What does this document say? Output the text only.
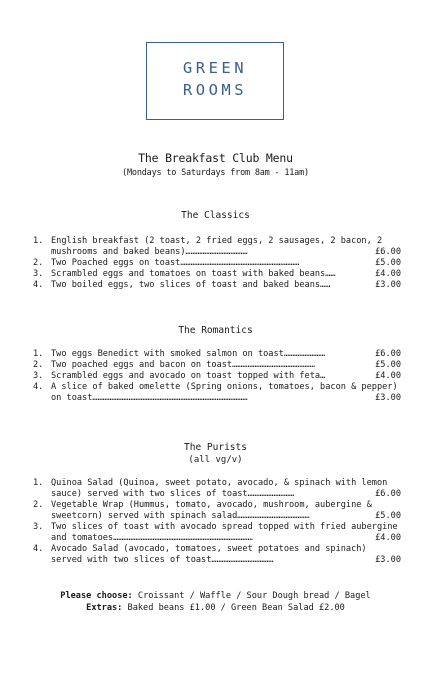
GREEN
ROOMS
The Breakfast Club Menu
(Mondays to Saturdays from 8am - 11am)
The Classics
1. English breakfast (2 toast, 2 fried eggs, 2 sausages, 2 bacon, 2 mushrooms and baked beans)………………………………	£6.00
2. Two Poached eggs on toast……………………………………………………………	£5.00
3. Scrambled eggs and tomatoes on toast with baked beans……	£4.00
4. Two boiled eggs, two slices of toast and baked beans……	£3.00
The Romantics
1. Two eggs Benedict with smoked salmon on toast……………………	£6.00
2. Two poached eggs and bacon on toast…………………………………………	£5.00
3. Scrambled eggs and avocado on toast topped with feta…	£4.00
4. A slice of baked omelette (Spring onions, tomatoes, bacon & pepper) on toast………………………………………………………………………………	£3.00
The Purists
(all vg/v)
1. Quinoa Salad (Quinoa, sweet potato, avocado, & spinach with lemon sauce) served with two slices of toast………………………	£6.00
2. Vegetable Wrap (Hummus, tomato, avocado, mushroom, aubergine & sweetcorn) served with spinach salad……………………………………	£5.00
3. Two slices of toast with avocado spread topped with fried aubergine and tomatoes………………………………………………………………………	£4.00
4. Avocado Salad (avocado, tomatoes, sweet potatoes and spinach) served with two slices of toast………………………………	£3.00
Please choose: Croissant / Waffle / Sour Dough bread / Bagel
Extras: Baked beans £1.00 / Green Bean Salad £2.00
